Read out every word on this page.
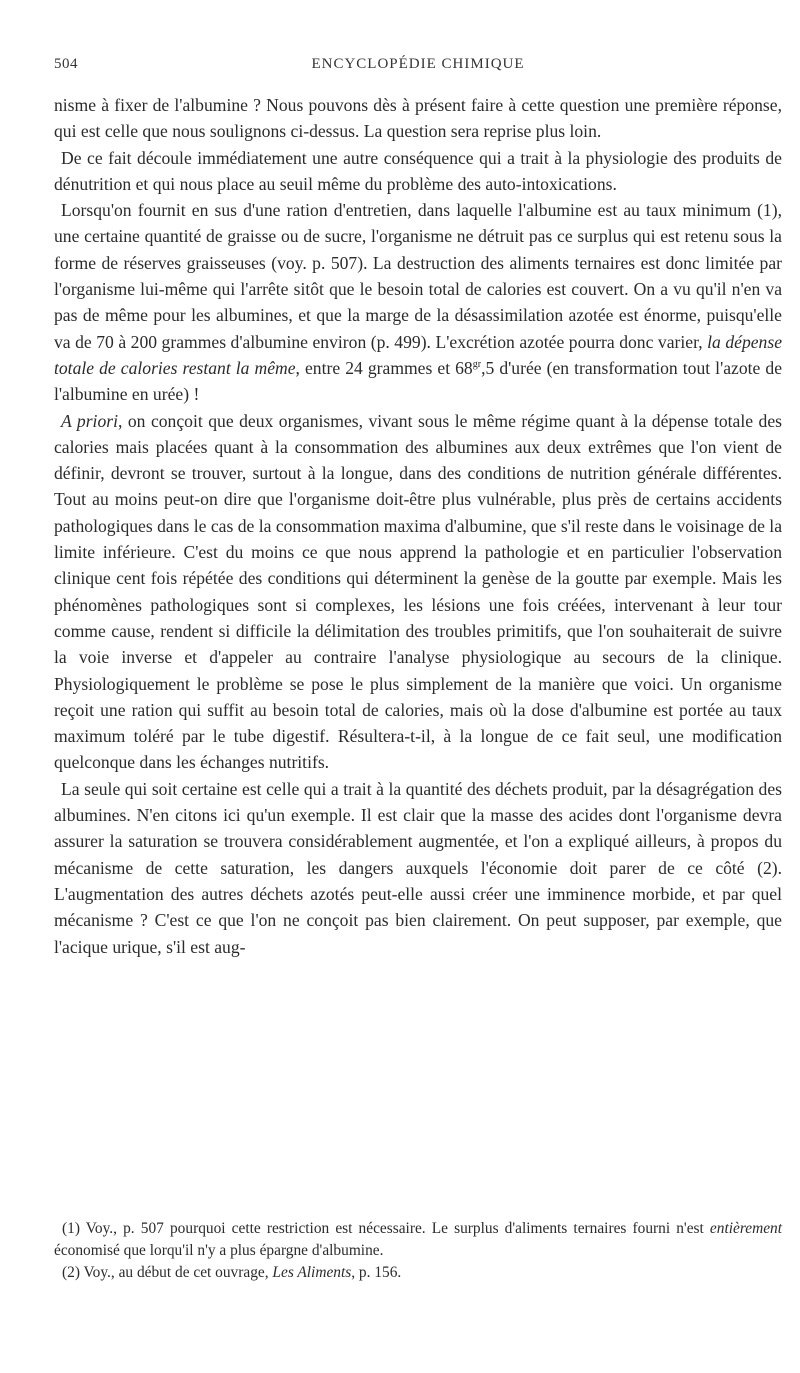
504	ENCYCLOPÉDIE CHIMIQUE

nisme à fixer de l'albumine ? Nous pouvons dès à présent faire à cette question une première réponse, qui est celle que nous soulignons ci-dessus. La question sera reprise plus loin.

De ce fait découle immédiatement une autre conséquence qui a trait à la physiologie des produits de dénutrition et qui nous place au seuil même du problème des auto-intoxications.

Lorsqu'on fournit en sus d'une ration d'entretien, dans laquelle l'albumine est au taux minimum (1), une certaine quantité de graisse ou de sucre, l'organisme ne détruit pas ce surplus qui est retenu sous la forme de réserves graisseuses (voy. p. 507). La destruction des aliments ternaires est donc limitée par l'organisme lui-même qui l'arrête sitôt que le besoin total de calories est couvert. On a vu qu'il n'en va pas de même pour les albumines, et que la marge de la désassimilation azotée est énorme, puisqu'elle va de 70 à 200 grammes d'albumine environ (p. 499). L'excrétion azotée pourra donc varier, la dépense totale de calories restant la même, entre 24 grammes et $68^{gr},5$ d'urée (en transformation tout l'azote de l'albumine en urée) !

A priori, on conçoit que deux organismes, vivant sous le même régime quant à la dépense totale des calories mais placées quant à la consommation des albumines aux deux extrêmes que l'on vient de définir, devront se trouver, surtout à la longue, dans des conditions de nutrition générale différentes. Tout au moins peut-on dire que l'organisme doit-être plus vulnérable, plus près de certains accidents pathologiques dans le cas de la consommation maxima d'albumine, que s'il reste dans le voisinage de la limite inférieure. C'est du moins ce que nous apprend la pathologie et en particulier l'observation clinique cent fois répétée des conditions qui déterminent la genèse de la goutte par exemple. Mais les phénomènes pathologiques sont si complexes, les lésions une fois créées, intervenant à leur tour comme cause, rendent si difficile la délimitation des troubles primitifs, que l'on souhaiterait de suivre la voie inverse et d'appeler au contraire l'analyse physiologique au secours de la clinique. Physiologiquement le problème se pose le plus simplement de la manière que voici. Un organisme reçoit une ration qui suffit au besoin total de calories, mais où la dose d'albumine est portée au taux maximum toléré par le tube digestif. Résultera-t-il, à la longue de ce fait seul, une modification quelconque dans les échanges nutritifs.

La seule qui soit certaine est celle qui a trait à la quantité des déchets produit, par la désagrégation des albumines. N'en citons ici qu'un exemple. Il est clair que la masse des acides dont l'organisme devra assurer la saturation se trouvera considérablement augmentée, et l'on a expliqué ailleurs, à propos du mécanisme de cette saturation, les dangers auxquels l'économie doit parer de ce côté (2). L'augmentation des autres déchets azotés peut-elle aussi créer une imminence morbide, et par quel mécanisme ? C'est ce que l'on ne conçoit pas bien clairement. On peut supposer, par exemple, que l'acique urique, s'il est aug-

(1) Voy., p. 507 pourquoi cette restriction est nécessaire. Le surplus d'aliments ternaires fourni n'est entièrement économisé que lorqu'il n'y a plus épargne d'albumine.

(2) Voy., au début de cet ouvrage, Les Aliments, p. 156.
